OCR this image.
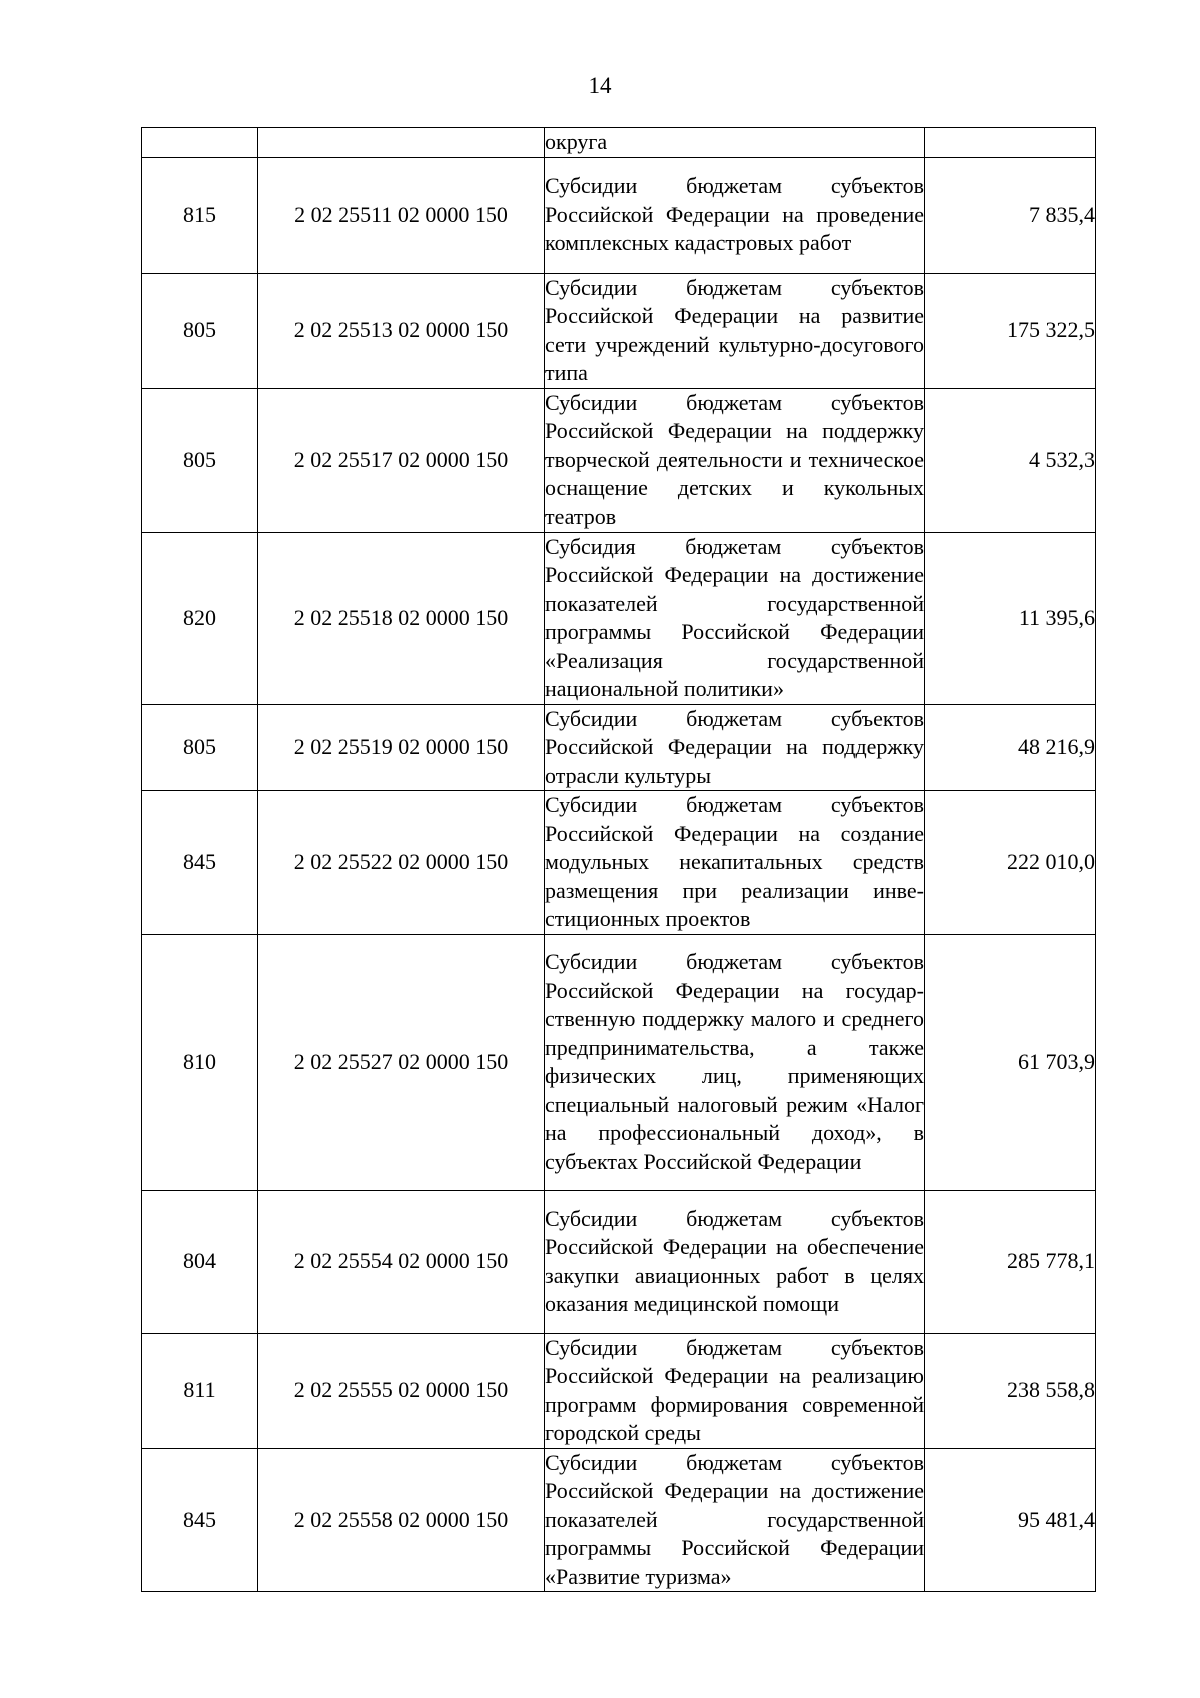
14
		округа	
815	2 02 25511 02 0000 150	Субсидии бюджетам субъектов Российской Федерации на проведение комплексных кадастровых работ	7 835,4
805	2 02 25513 02 0000 150	Субсидии бюджетам субъектов Российской Федерации на развитие сети учреждений культурно-досугового типа	175 322,5
805	2 02 25517 02 0000 150	Субсидии бюджетам субъектов Российской Федерации на поддержку творческой деятельности и техническое оснащение детских и кукольных театров	4 532,3
820	2 02 25518 02 0000 150	Субсидия бюджетам субъектов Российской Федерации на достижение показателей государственной программы Российской Федерации «Реализация государственной национальной политики»	11 395,6
805	2 02 25519 02 0000 150	Субсидии бюджетам субъектов Российской Федерации на поддержку отрасли культуры	48 216,9
845	2 02 25522 02 0000 150	Субсидии бюджетам субъектов Российской Федерации на создание модульных некапитальных средств размещения при реализации инвестиционных проектов	222 010,0
810	2 02 25527 02 0000 150	Субсидии бюджетам субъектов Российской Федерации на государственную поддержку малого и среднего предпринимательства, а также физических лиц, применяющих специальный налоговый режим «Налог на профессиональный доход», в субъектах Российской Федерации	61 703,9
804	2 02 25554 02 0000 150	Субсидии бюджетам субъектов Российской Федерации на обеспечение закупки авиационных работ в целях оказания медицинской помощи	285 778,1
811	2 02 25555 02 0000 150	Субсидии бюджетам субъектов Российской Федерации на реализацию программ формирования современной городской среды	238 558,8
845	2 02 25558 02 0000 150	Субсидии бюджетам субъектов Российской Федерации на достижение показателей государственной программы Российской Федерации «Развитие туризма»	95 481,4
